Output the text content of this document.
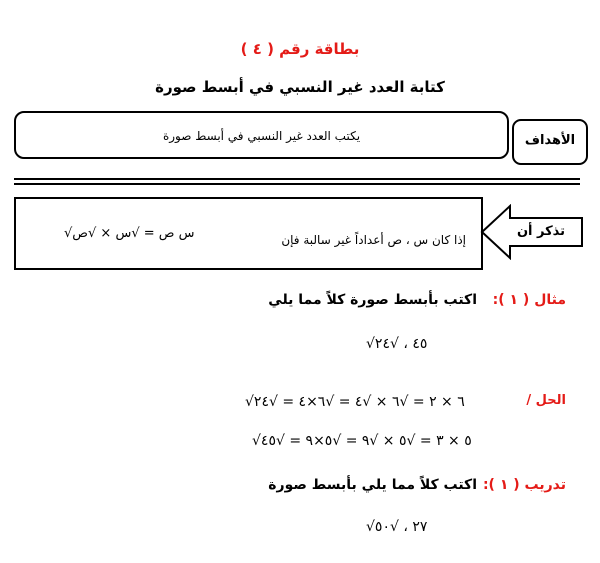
بطاقة رقم ( ٤ )
كتابة العدد غير النسبي في أبسط صورة
يكتب العدد غير النسبي في أبسط صورة	الأهداف
إذا كان س ، ص أعداداً غير سالبة فإن
√س ص = √س × √ص	تذكر أن
مثال ( ١ ):
اكتب بأبسط صورة كلاً مما يلي
√٤٥ ، √٢٤
الحل /
√٦ × ٢ = √٦ × √٤ = √٦×٤ = √٢٤
√٥ × ٣ = √٥ × √٩ = √٥×٩ = √٤٥
تدريب ( ١ ):
اكتب كلاً مما يلي بأبسط صورة
√٢٧ ، √٥٠
